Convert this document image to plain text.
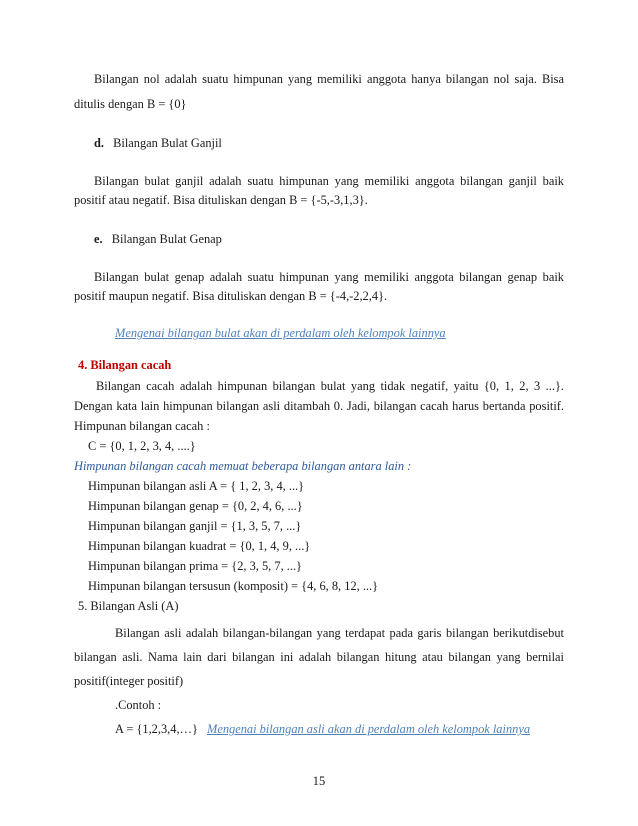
Bilangan nol adalah suatu himpunan yang memiliki anggota hanya bilangan nol saja. Bisa
ditulis dengan B = {0}
d. Bilangan Bulat Ganjil
Bilangan bulat ganjil adalah suatu himpunan yang memiliki anggota bilangan ganjil baik
positif atau negatif. Bisa dituliskan dengan B = {-5,-3,1,3}.
e. Bilangan Bulat Genap
Bilangan bulat genap adalah suatu himpunan yang memiliki anggota bilangan genap baik
positif maupun negatif. Bisa dituliskan dengan B = {-4,-2,2,4}.
Mengenai bilangan bulat akan di perdalam oleh kelompok lainnya
4. Bilangan cacah
Bilangan cacah adalah himpunan bilangan bulat yang tidak negatif, yaitu {0, 1, 2, 3 ...}.
Dengan kata lain himpunan bilangan asli ditambah 0. Jadi, bilangan cacah harus bertanda positif.
Himpunan bilangan cacah :
C = {0, 1, 2, 3, 4, ....}
Himpunan bilangan cacah memuat beberapa bilangan antara lain :
Himpunan bilangan asli A = { 1, 2, 3, 4, ...}
Himpunan bilangan genap = {0, 2, 4, 6, ...}
Himpunan bilangan ganjil = {1, 3, 5, 7, ...}
Himpunan bilangan kuadrat = {0, 1, 4, 9, ...}
Himpunan bilangan prima = {2, 3, 5, 7, ...}
Himpunan bilangan tersusun (komposit) = {4, 6, 8, 12, ...}
5. Bilangan Asli (A)
Bilangan asli adalah bilangan-bilangan yang terdapat pada garis bilangan berikutdisebut
bilangan asli. Nama lain dari bilangan ini adalah bilangan hitung atau bilangan yang bernilai
positif(integer positif)
.Contoh :
A = {1,2,3,4,…} Mengenai bilangan asli akan di perdalam oleh kelompok lainnya
15
